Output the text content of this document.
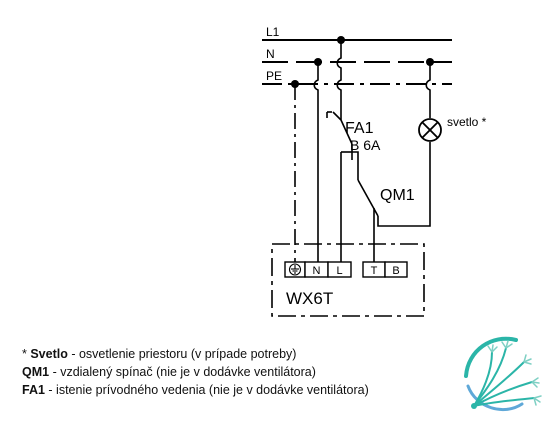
L1
N
PE
FA1
B 6A
QM1
svetlo *
N L	T B
WX6T
* Svetlo - osvetlenie priestoru (v prípade potreby)
QM1 - vzdialený spínač (nie je v dodávke ventilátora)
FA1 - istenie prívodného vedenia (nie je v dodávke ventilátora)
